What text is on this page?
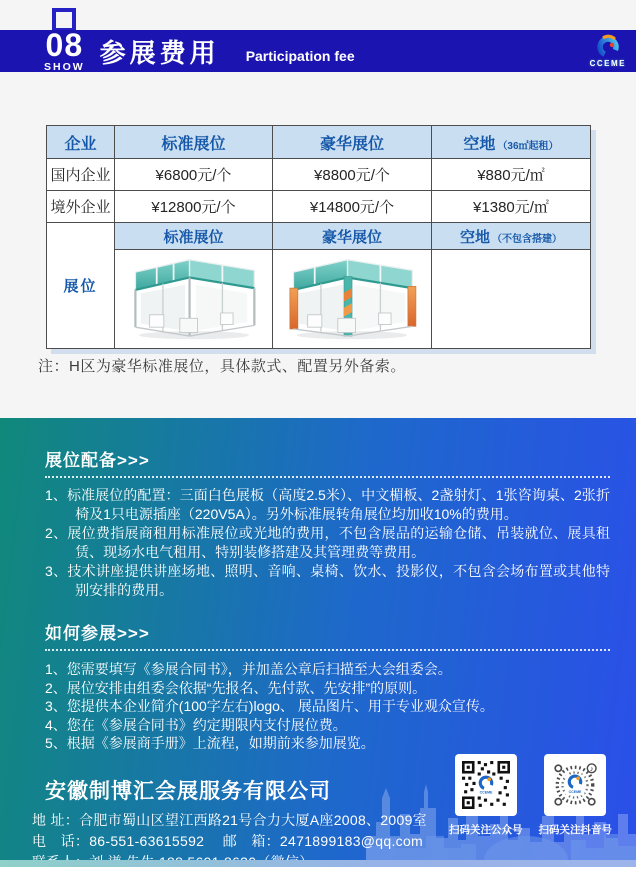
08
SHOW 参展费用 Participation fee	CCEME
企业	标准展位	豪华展位	空地 （36㎡起租）
国内企业	¥6800元/个	¥8800元/个	¥880元/㎡
境外企业	¥12800元/个	¥14800元/个	¥1380元/㎡
展位	标准展位	豪华展位	空地 （不包含搭建）

注：H区为豪华标准展位，具体款式、配置另外备索。
展位配备>>>
1、标准展位的配置：三面白色展板（高度2.5米）、中文楣板、2盏射灯、1张咨询桌、2张折椅及1只电源插座（220V5A）。另外标准展转角展位均加收10%的费用。
2、展位费指展商租用标准展位或光地的费用，不包含展品的运输仓储、吊装就位、展具租赁、现场水电气租用、特别装修搭建及其管理费等费用。
3、技术讲座提供讲座场地、照明、音响、桌椅、饮水、投影仪，不包含会场布置或其他特别安排的费用。
如何参展>>>
1、您需要填写《参展合同书》，并加盖公章后扫描至大会组委会。
2、展位安排由组委会依据“先报名、先付款、先安排”的原则。
3、您提供本企业简介(100字左右)logo、 展品图片、用于专业观众宣传。
4、您在《参展合同书》约定期限内支付展位费。
5、根据《参展商手册》上流程，如期前来参加展览。
安徽制博汇会展服务有限公司
地 址：合肥市蜀山区望江西路21号合力大厦A座2008、2009室
电　话：86-551-63615592　 邮　箱：2471899183@qq.com
大会官网：www.ccieme.cc
CCEME
扫码关注公众号
♪
CCEME
扫码关注抖音号
